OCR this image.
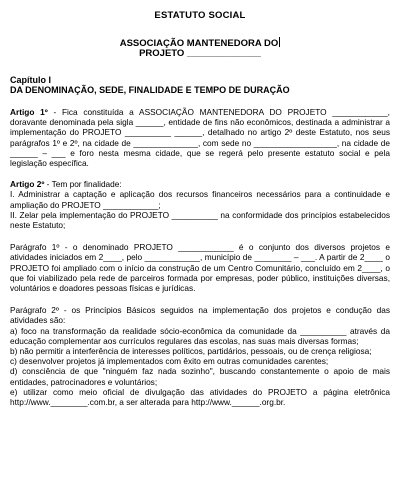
ESTATUTO SOCIAL
ASSOCIAÇÃO MANTENEDORA DO
PROJETO ______________
Capítulo I
DA DENOMINAÇÃO, SEDE, FINALIDADE E TEMPO DE DURAÇÃO
Artigo 1º - Fica constituída a ASSOCIAÇÃO MANTENEDORA DO PROJETO ____________, doravante denominada pela sigla ______, entidade de fins não econômicos, destinada a administrar a implementação do PROJETO __________ ______, detalhado no artigo 2º deste Estatuto, nos seus parágrafos 1º e 2º, na cidade de ______________, com sede no __________________, na cidade de ______ – ___ e foro nesta mesma cidade, que se regerá pelo presente estatuto social e pela legislação específica.
Artigo 2º - Tem por finalidade:
I. Administrar a captação e aplicação dos recursos financeiros necessários para a continuidade e ampliação do PROJETO ____________;
II. Zelar pela implementação do PROJETO __________ na conformidade dos princípios estabelecidos neste Estatuto;
Parágrafo 1º - o denominado PROJETO ____________ é o conjunto dos diversos projetos e atividades iniciados em 2____, pelo ____________, município de ________ – ___. A partir de 2____ o PROJETO foi ampliado com o início da construção de um Centro Comunitário, concluído em 2____, o que foi viabilizado pela rede de parceiros formada por empresas, poder público, instituições diversas, voluntários e doadores pessoas físicas e jurídicas.
Parágrafo 2º - os Princípios Básicos seguidos na implementação dos projetos e condução das atividades são:
a) foco na transformação da realidade sócio-econômica da comunidade da __________ através da educação complementar aos currículos regulares das escolas, nas suas mais diversas formas;
b) não permitir a interferência de interesses políticos, partidários, pessoais, ou de crença religiosa;
c) desenvolver projetos já implementados com êxito em outras comunidades carentes;
d) consciência de que "ninguém faz nada sozinho", buscando constantemente o apoio de mais entidades, patrocinadores e voluntários;
e) utilizar como meio oficial de divulgação das atividades do PROJETO a página eletrônica http://www.________.com.br, a ser alterada para http://www.______.org.br.
